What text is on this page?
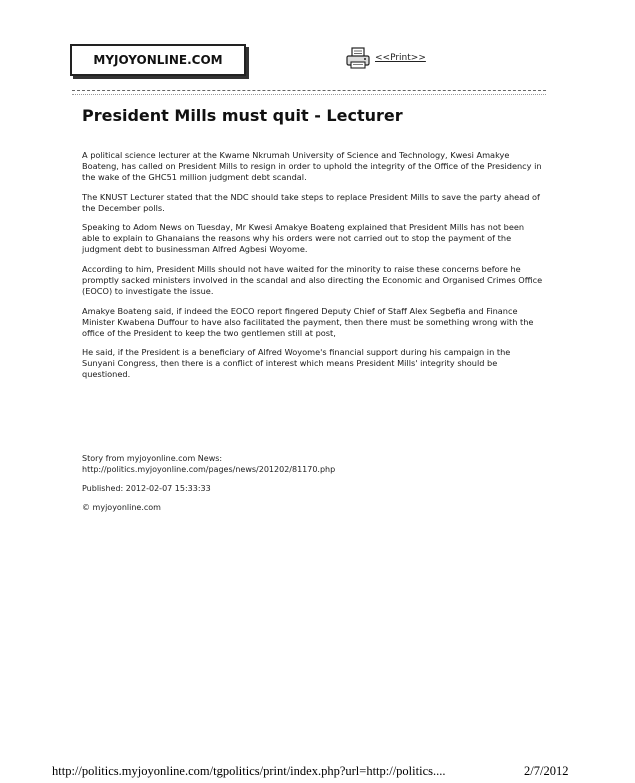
MYJOYONLINE.COM	<<Print>>
President Mills must quit - Lecturer

A political science lecturer at the Kwame Nkrumah University of Science and Technology, Kwesi Amakye Boateng, has called on President Mills to resign in order to uphold the integrity of the Office of the Presidency in the wake of the GHC51 million judgment debt scandal.

The KNUST Lecturer stated that the NDC should take steps to replace President Mills to save the party ahead of the December polls.

Speaking to Adom News on Tuesday, Mr Kwesi Amakye Boateng explained that President Mills has not been able to explain to Ghanaians the reasons why his orders were not carried out to stop the payment of the judgment debt to businessman Alfred Agbesi Woyome.

According to him, President Mills should not have waited for the minority to raise these concerns before he promptly sacked ministers involved in the scandal and also directing the Economic and Organised Crimes Office (EOCO) to investigate the issue.

Amakye Boateng said, if indeed the EOCO report fingered Deputy Chief of Staff Alex Segbefia and Finance Minister Kwabena Duffour to have also facilitated the payment, then there must be something wrong with the office of the President to keep the two gentlemen still at post,

He said, if the President is a beneficiary of Alfred Woyome's financial support during his campaign in the Sunyani Congress, then there is a conflict of interest which means President Mills' integrity should be questioned.

Story from myjoyonline.com News:

http://politics.myjoyonline.com/pages/news/201202/81170.php

Published: 2012-02-07 15:33:33

© myjoyonline.com

http://politics.myjoyonline.com/tgpolitics/print/index.php?url=http://politics....	2/7/2012
